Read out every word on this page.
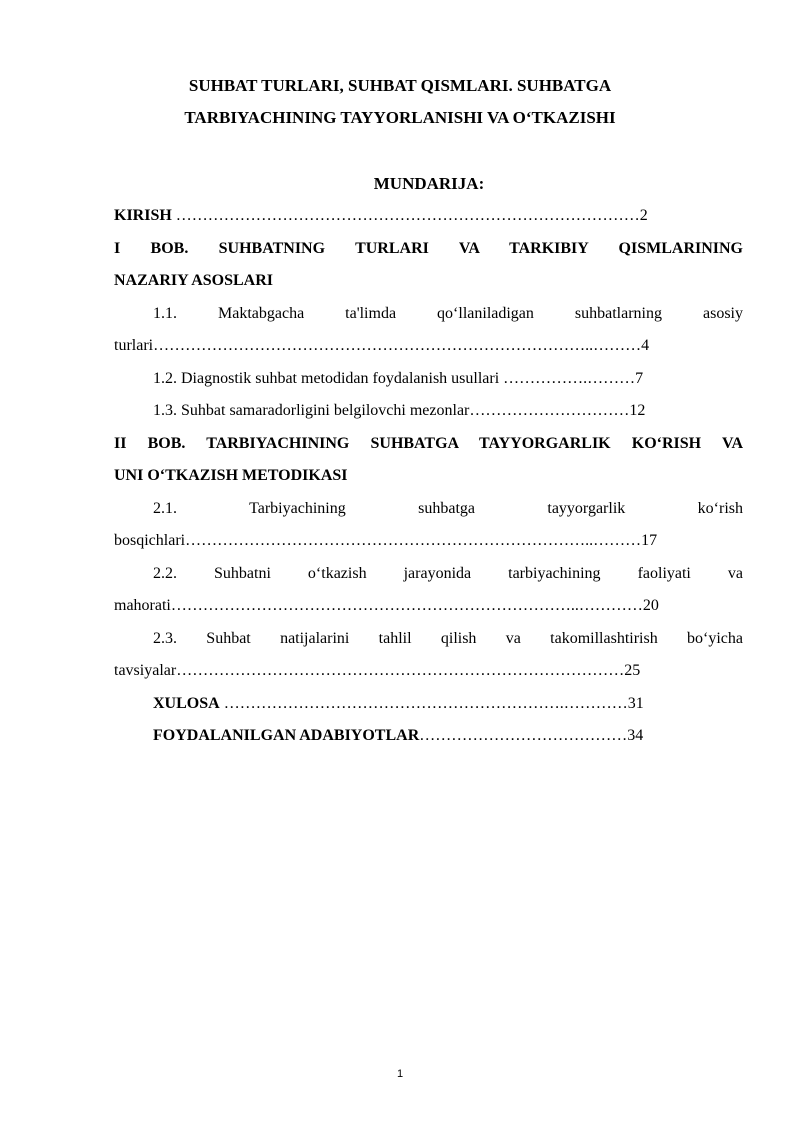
SUHBAT TURLARI, SUHBAT QISMLARI. SUHBATGA
TARBIYACHINING TAYYORLANISHI VA O‘TKAZISHI
MUNDARIJA:
KIRISH ……………………………………………………………………………2
I BOB. SUHBATNING TURLARI VA TARKIBIY QISMLARINING
NAZARIY ASOSLARI
1.1. Maktabgacha ta'limda qo‘llaniladigan suhbatlarning asosiy
turlari………………………………………………………………………..………4
1.2. Diagnostik suhbat metodidan foydalanish usullari …………….………7
1.3. Suhbat samaradorligini belgilovchi mezonlar…………………………12
II BOB. TARBIYACHINING SUHBATGA TAYYORGARLIK KO‘RISH VA
UNI O‘TKAZISH METODIKASI
2.1. Tarbiyachining suhbatga tayyorgarlik ko‘rish
bosqichlari…………………………………………………………………..………17
2.2. Suhbatni o‘tkazish jarayonida tarbiyachining faoliyati va
mahorati…………………………………………………………………..…………20
2.3. Suhbat natijalarini tahlil qilish va takomillashtirish bo‘yicha
tavsiyalar…………………………………………………………………………25
XULOSA ……………………………………………………….…………31
FOYDALANILGAN ADABIYOTLAR…………………………………34
1
